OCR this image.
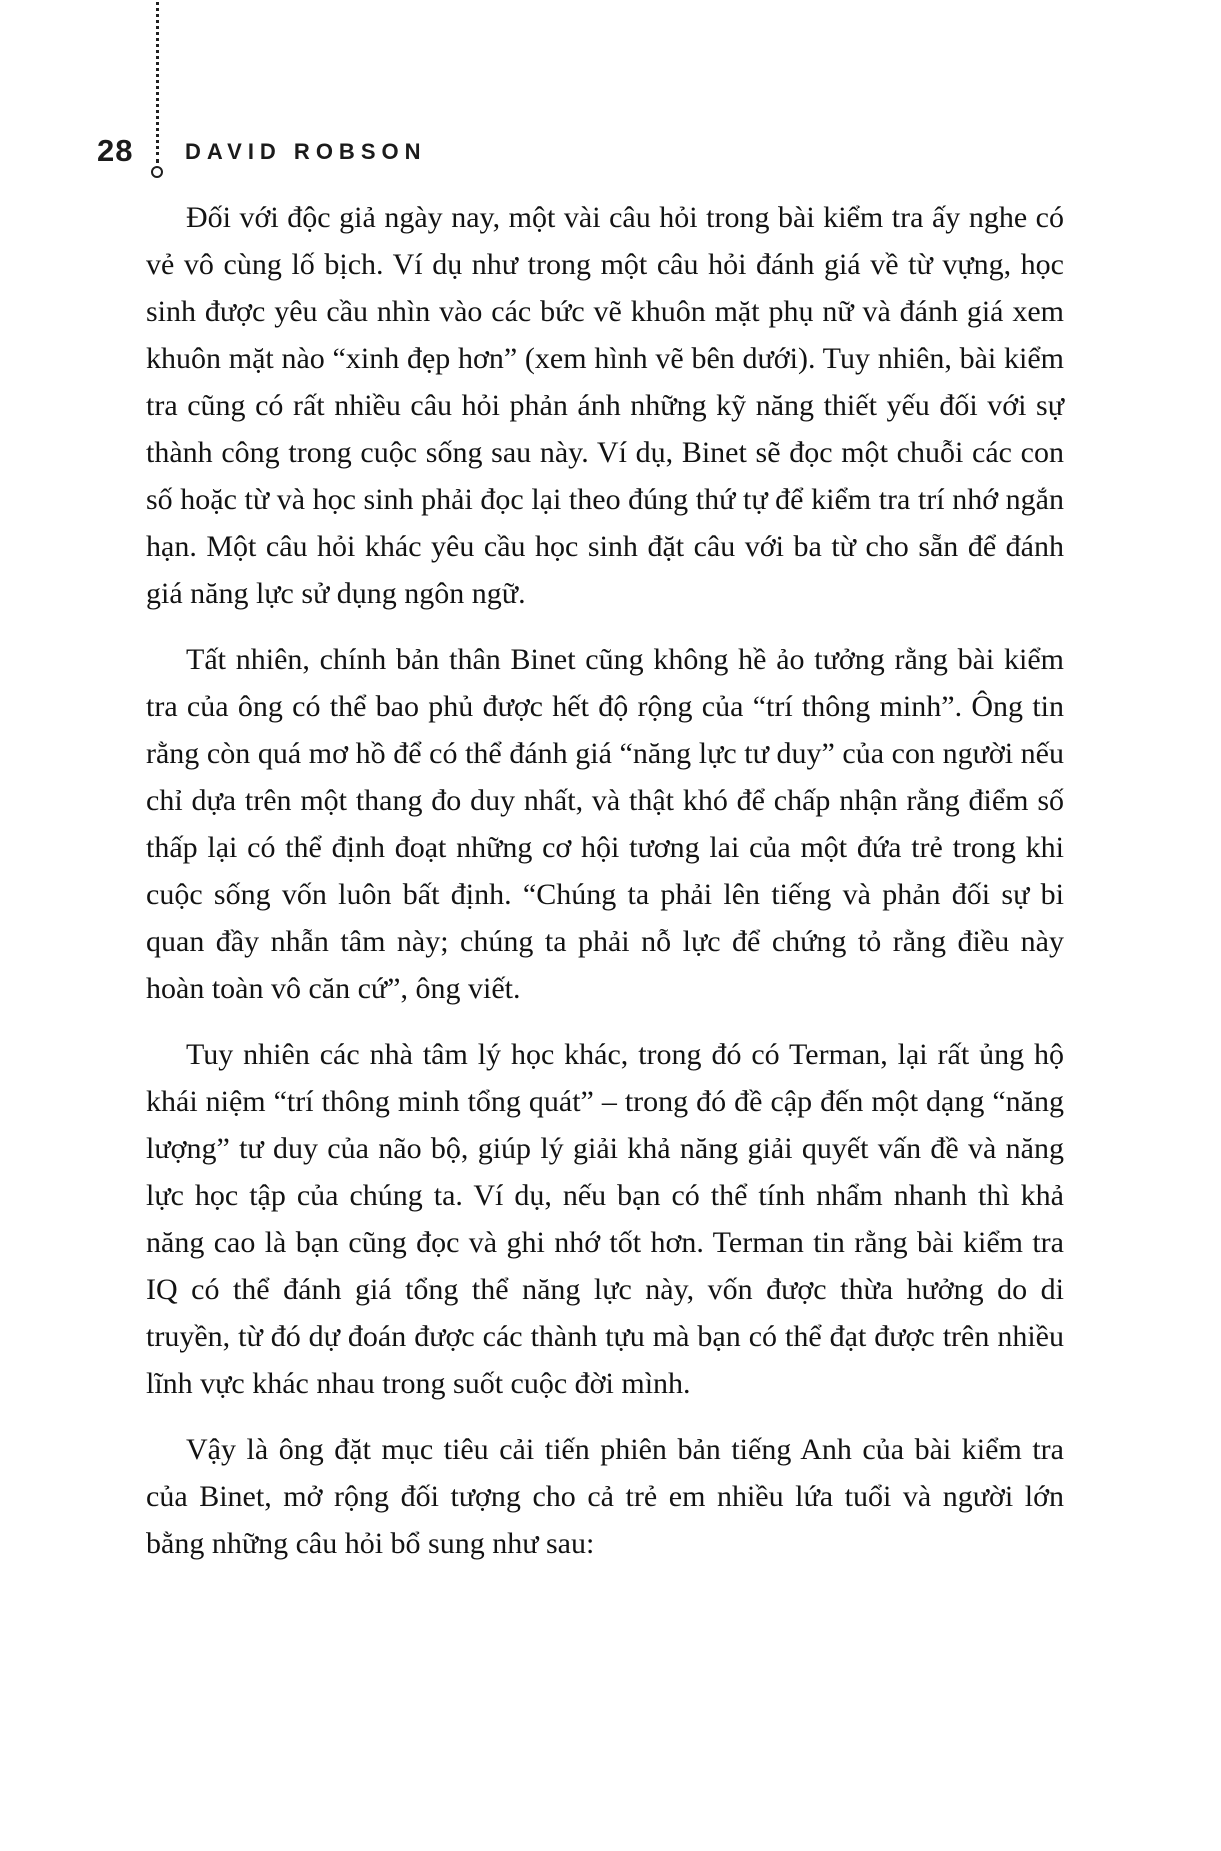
28 DAVID ROBSON

Đối với độc giả ngày nay, một vài câu hỏi trong bài kiểm tra ấy nghe có vẻ vô cùng lố bịch. Ví dụ như trong một câu hỏi đánh giá về từ vựng, học sinh được yêu cầu nhìn vào các bức vẽ khuôn mặt phụ nữ và đánh giá xem khuôn mặt nào “xinh đẹp hơn” (xem hình vẽ bên dưới). Tuy nhiên, bài kiểm tra cũng có rất nhiều câu hỏi phản ánh những kỹ năng thiết yếu đối với sự thành công trong cuộc sống sau này. Ví dụ, Binet sẽ đọc một chuỗi các con số hoặc từ và học sinh phải đọc lại theo đúng thứ tự để kiểm tra trí nhớ ngắn hạn. Một câu hỏi khác yêu cầu học sinh đặt câu với ba từ cho sẵn để đánh giá năng lực sử dụng ngôn ngữ.

Tất nhiên, chính bản thân Binet cũng không hề ảo tưởng rằng bài kiểm tra của ông có thể bao phủ được hết độ rộng của “trí thông minh”. Ông tin rằng còn quá mơ hồ để có thể đánh giá “năng lực tư duy” của con người nếu chỉ dựa trên một thang đo duy nhất, và thật khó để chấp nhận rằng điểm số thấp lại có thể định đoạt những cơ hội tương lai của một đứa trẻ trong khi cuộc sống vốn luôn bất định. “Chúng ta phải lên tiếng và phản đối sự bi quan đầy nhẫn tâm này; chúng ta phải nỗ lực để chứng tỏ rằng điều này hoàn toàn vô căn cứ”, ông viết.

Tuy nhiên các nhà tâm lý học khác, trong đó có Terman, lại rất ủng hộ khái niệm “trí thông minh tổng quát” – trong đó đề cập đến một dạng “năng lượng” tư duy của não bộ, giúp lý giải khả năng giải quyết vấn đề và năng lực học tập của chúng ta. Ví dụ, nếu bạn có thể tính nhẩm nhanh thì khả năng cao là bạn cũng đọc và ghi nhớ tốt hơn. Terman tin rằng bài kiểm tra IQ có thể đánh giá tổng thể năng lực này, vốn được thừa hưởng do di truyền, từ đó dự đoán được các thành tựu mà bạn có thể đạt được trên nhiều lĩnh vực khác nhau trong suốt cuộc đời mình.

Vậy là ông đặt mục tiêu cải tiến phiên bản tiếng Anh của bài kiểm tra của Binet, mở rộng đối tượng cho cả trẻ em nhiều lứa tuổi và người lớn bằng những câu hỏi bổ sung như sau:
